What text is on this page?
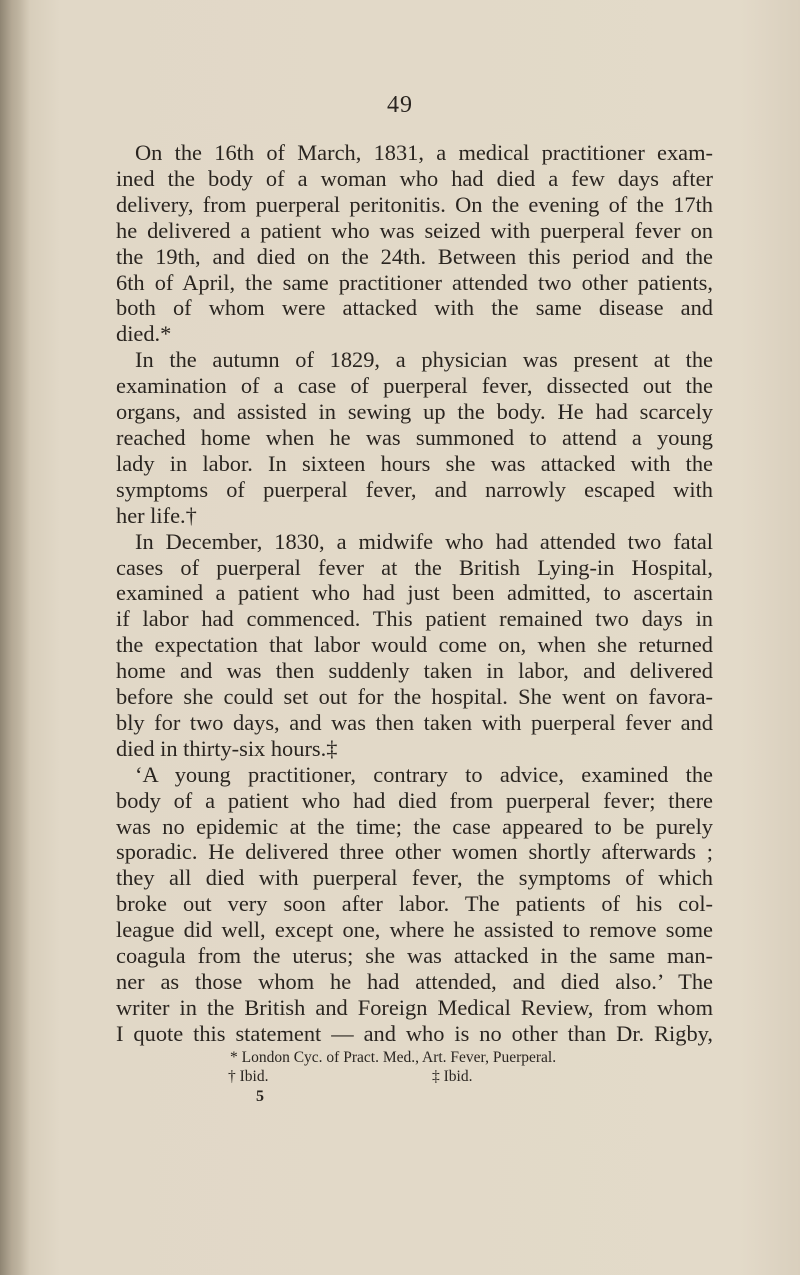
49
On the 16th of March, 1831, a medical practitioner exam-
ined the body of a woman who had died a few days after
delivery, from puerperal peritonitis. On the evening of the 17th
he delivered a patient who was seized with puerperal fever on
the 19th, and died on the 24th. Between this period and the
6th of April, the same practitioner attended two other patients,
both of whom were attacked with the same disease and
died.*
In the autumn of 1829, a physician was present at the
examination of a case of puerperal fever, dissected out the
organs, and assisted in sewing up the body. He had scarcely
reached home when he was summoned to attend a young
lady in labor. In sixteen hours she was attacked with the
symptoms of puerperal fever, and narrowly escaped with
her life.†
In December, 1830, a midwife who had attended two fatal
cases of puerperal fever at the British Lying-in Hospital,
examined a patient who had just been admitted, to ascertain
if labor had commenced. This patient remained two days in
the expectation that labor would come on, when she returned
home and was then suddenly taken in labor, and delivered
before she could set out for the hospital. She went on favora-
bly for two days, and was then taken with puerperal fever and
died in thirty-six hours.‡
‘A young practitioner, contrary to advice, examined the
body of a patient who had died from puerperal fever; there
was no epidemic at the time; the case appeared to be purely
sporadic. He delivered three other women shortly afterwards ;
they all died with puerperal fever, the symptoms of which
broke out very soon after labor. The patients of his col-
league did well, except one, where he assisted to remove some
coagula from the uterus; she was attacked in the same man-
ner as those whom he had attended, and died also.’ The
writer in the British and Foreign Medical Review, from whom
I quote this statement — and who is no other than Dr. Rigby,
* London Cyc. of Pract. Med., Art. Fever, Puerperal.
† Ibid.	‡ Ibid.
5
